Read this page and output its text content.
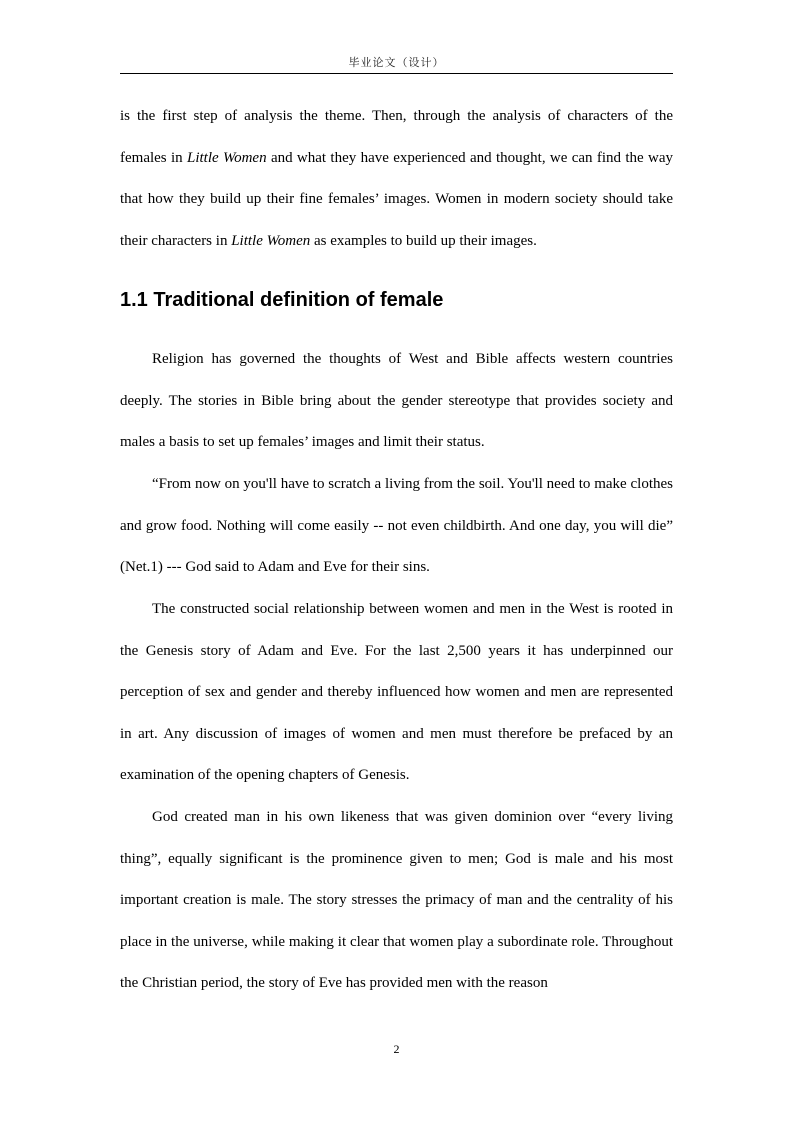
毕业论文（设计）

is the first step of analysis the theme. Then, through the analysis of characters of the females in Little Women and what they have experienced and thought, we can find the way that how they build up their fine females’ images. Women in modern society should take their characters in Little Women as examples to build up their images.

1.1 Traditional definition of female

Religion has governed the thoughts of West and Bible affects western countries deeply. The stories in Bible bring about the gender stereotype that provides society and males a basis to set up females’ images and limit their status.

“From now on you'll have to scratch a living from the soil. You'll need to make clothes and grow food. Nothing will come easily -- not even childbirth. And one day, you will die” (Net.1) --- God said to Adam and Eve for their sins.

The constructed social relationship between women and men in the West is rooted in the Genesis story of Adam and Eve. For the last 2,500 years it has underpinned our perception of sex and gender and thereby influenced how women and men are represented in art. Any discussion of images of women and men must therefore be prefaced by an examination of the opening chapters of Genesis.

God created man in his own likeness that was given dominion over “every living thing”, equally significant is the prominence given to men; God is male and his most important creation is male. The story stresses the primacy of man and the centrality of his place in the universe, while making it clear that women play a subordinate role. Throughout the Christian period, the story of Eve has provided men with the reason

2
